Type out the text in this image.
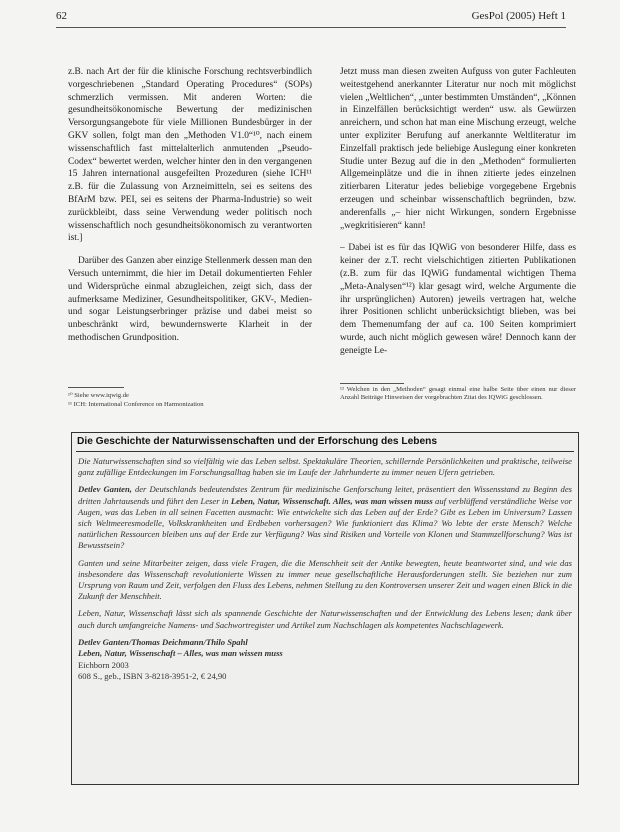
62	GesPol (2005) Heft 1

z.B. nach Art der für die klinische Forschung rechtsverbindlich vorgeschriebenen „Standard Operating Procedures“ (SOPs) schmerzlich vermissen. Mit anderen Worten: die gesundheitsökonomische Bewertung der medizinischen Versorgungsangebote für viele Millionen Bundesbürger in der GKV sollen, folgt man den „Methoden V1.0“¹⁰, nach einem wissenschaftlich fast mittelalterlich anmutenden „Pseudo-Codex“ bewertet werden, welcher hinter den in den vergangenen 15 Jahren international ausgefeilten Prozeduren (siehe ICH¹¹ z.B. für die Zulassung von Arzneimitteln, sei es seitens des BfArM bzw. PEI, sei es seitens der Pharma-Industrie) so weit zurückbleibt, dass seine Verwendung weder politisch noch wissenschaftlich noch gesundheitsökonomisch zu verantworten ist.]

Darüber des Ganzen aber einzige Stellenmerk dessen man den Versuch unternimmt, die hier im Detail dokumentierten Fehler und Widersprüche einmal abzugleichen, zeigt sich, dass der aufmerksame Mediziner, Gesundheitspolitiker, GKV-, Medien- und sogar Leistungserbringer präzise und dabei meist so unbeschränkt wird, bewundernswerte Klarheit in der methodischen Grundposition.

¹⁰ Siehe www.iqwig.de
¹¹ ICH: International Conference on Harmonization

Jetzt muss man diesen zweiten Aufguss von guter Fachleuten weitestgehend anerkannter Literatur nur noch mit möglichst vielen „Weltlichen“, „unter bestimmten Umständen“, „Können in Einzelfällen berücksichtigt werden“ usw. als Gewürzen anreichern, und schon hat man eine Mischung erzeugt, welche unter expliziter Berufung auf anerkannte Weltliteratur im Einzelfall praktisch jede beliebige Auslegung einer konkreten Studie unter Bezug auf die in den „Methoden“ formulierten Allgemeinplätze und die in ihnen zitierte jedes einzelnen zitierbaren Literatur jedes beliebige vorgegebene Ergebnis erzeugen und scheinbar wissenschaftlich begründen, bzw. anderenfalls „– hier nicht Wirkungen, sondern Ergebnisse „wegkritisieren“ kann!

– Dabei ist es für das IQWiG von besonderer Hilfe, dass es keiner der z.T. recht vielschichtigen zitierten Publikationen (z.B. zum für das IQWiG fundamental wichtigen Thema „Meta-Analysen“¹²) klar gesagt wird, welche Argumente die ihr ursprünglichen) Autoren) jeweils vertragen hat, welche ihrer Positionen schlicht unberücksichtigt blieben, was bei dem Themenumfang der auf ca. 100 Seiten komprimiert wurde, auch nicht möglich gewesen wäre! Dennoch kann der geneigte Le-

¹² Welchen in den „Methoden“ gesagt einmal eine halbe Seite über einen nur dieser Anzahl Beiträge Hinweisen der vorgebrachten Zitat des IQWiG geschlossen.
Die Geschichte der Naturwissenschaften und der Erforschung des Lebens

Die Naturwissenschaften sind so vielfältig wie das Leben selbst. Spektakuläre Theorien, schillernde Persönlichkeiten und praktische, teilweise ganz zufällige Entdeckungen im Forschungsalltag haben sie im Laufe der Jahrhunderte zu immer neuen Ufern getrieben.

Detlev Ganten, der Deutschlands bedeutendstes Zentrum für medizinische Genforschung leitet, präsentiert den Wissensstand zu Beginn des dritten Jahrtausends und führt den Leser in Leben, Natur, Wissenschaft. Alles, was man wissen muss auf verblüffend verständliche Weise vor Augen, was das Leben in all seinen Facetten ausmacht: Wie entwickelte sich das Leben auf der Erde? Gibt es Leben im Universum? Lassen sich Weltmeeresmodelle, Volkskrankheiten und Erdbeben vorhersagen? Wie funktioniert das Klima? Wo lebte der erste Mensch? Welche natürlichen Ressourcen bleiben uns auf der Erde zur Verfügung? Was sind Risiken und Vorteile von Klonen und Stammzellforschung? Was ist Bewusstsein?

Ganten und seine Mitarbeiter zeigen, dass viele Fragen, die die Menschheit seit der Antike bewegten, heute beantwortet sind, und wie das insbesondere das Wissenschaft revolutionierte Wissen zu immer neue gesellschaftliche Herausforderungen stellt. Sie beziehen nur zum Ursprung von Raum und Zeit, verfolgen den Fluss des Lebens, nehmen Stellung zu den Kontroversen unserer Zeit und wagen einen Blick in die Zukunft der Menschheit.

Leben, Natur, Wissenschaft lässt sich als spannende Geschichte der Naturwissenschaften und der Entwicklung des Lebens lesen; dank über auch durch umfangreiche Namens- und Sachwortregister und Artikel zum Nachschlagen als kompetentes Nachschlagewerk.

Detlev Ganten/Thomas Deichmann/Thilo Spahl
Leben, Natur, Wissenschaft – Alles, was man wissen muss
Eichborn 2003
608 S., geb., ISBN 3-8218-3951-2, € 24,90
